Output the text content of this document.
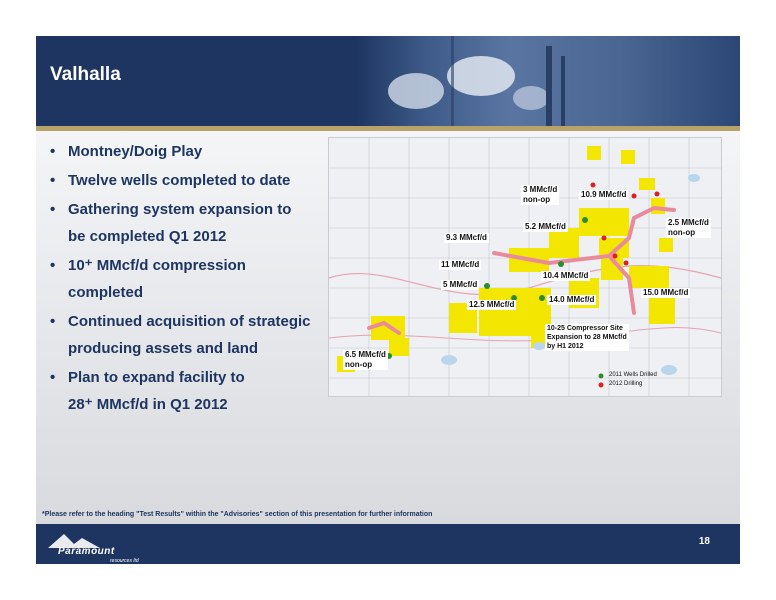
Valhalla
• Montney/Doig Play
• Twelve wells completed to date
• Gathering system expansion to
be completed Q1 2012
• 10⁺ MMcf/d compression
completed
• Continued acquisition of strategic
producing assets and land
• Plan to expand facility to
28⁺ MMcf/d in Q1 2012
3 MMcf/d
non-op
10.9 MMcf/d
5.2 MMcf/d	2.5 MMcf/d
non-op
9.3 MMcf/d
11 MMcf/d
10.4 MMcf/d
5 MMcf/d
15.0 MMcf/d
14.0 MMcf/d
12.5 MMcf/d
10-25 Compressor Site
Expansion to 28 MMcf/d
by H1 2012
6.5 MMcf/d
non-op
2011 Wells Drilled
2012 Drilling
*Please refer to the heading "Test Results" within the "Advisories" section of this presentation for further information
Paramount
resources ltd
18
